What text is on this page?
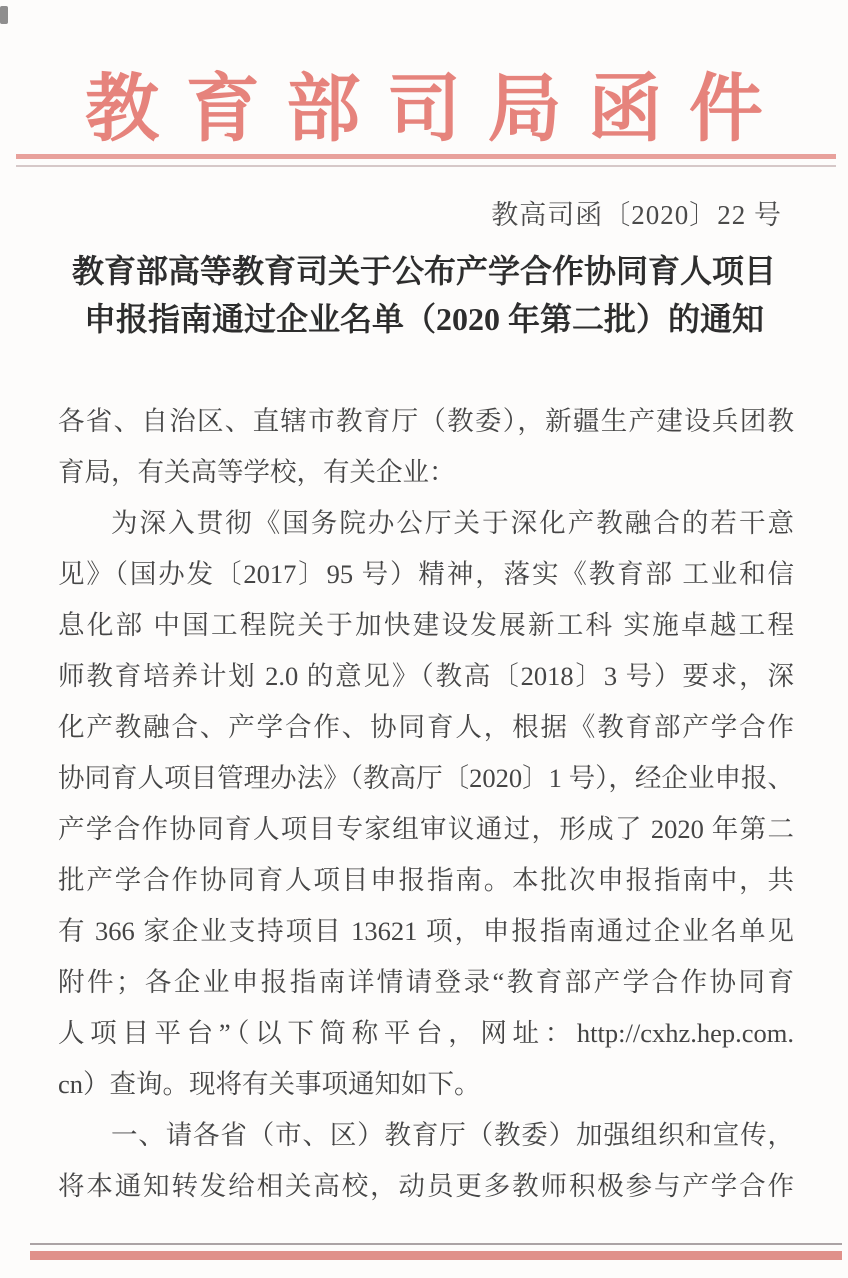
教育部司局函件
教高司函〔2020〕22 号

教育部高等教育司关于公布产学合作协同育人项目

申报指南通过企业名单（2020 年第二批）的通知

各省、自治区、直辖市教育厅（教委），新疆生产建设兵团教

育局，有关高等学校，有关企业：

为深入贯彻《国务院办公厅关于深化产教融合的若干意

见》（国办发〔2017〕95 号）精神，落实《教育部 工业和信

息化部 中国工程院关于加快建设发展新工科 实施卓越工程

师教育培养计划 2.0 的意见》（教高〔2018〕3 号）要求，深

化产教融合、产学合作、协同育人，根据《教育部产学合作

协同育人项目管理办法》（教高厅〔2020〕1 号），经企业申报、

产学合作协同育人项目专家组审议通过，形成了 2020 年第二

批产学合作协同育人项目申报指南。本批次申报指南中，共

有 366 家企业支持项目 13621 项，申报指南通过企业名单见

附件；各企业申报指南详情请登录“教育部产学合作协同育

人项目平台”（以下简称平台，网址：http://cxhz.hep.com.

cn）查询。现将有关事项通知如下。

一、请各省（市、区）教育厅（教委）加强组织和宣传，

将本通知转发给相关高校，动员更多教师积极参与产学合作
